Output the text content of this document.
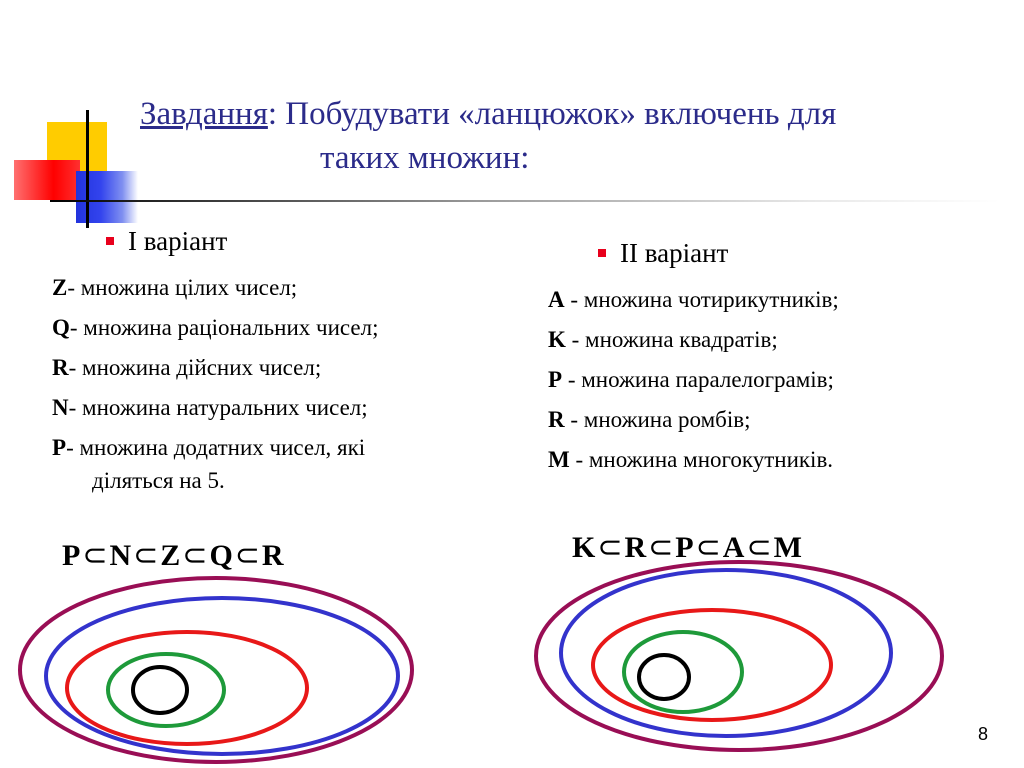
Завдання: Побудувати «ланцюжок» включень для
таких множин:

І варіант

Z- множина цілих чисел;
Q- множина раціональних чисел;
R- множина дійсних чисел;
N- множина натуральних чисел;
P- множина додатних чисел, які
діляться на 5.

ІІ варіант

A - множина чотирикутників;
K - множина квадратів;
P - множина паралелограмів;
R - множина ромбів;
M - множина многокутників.

P⊂N⊂Z⊂Q⊂R	K⊂R⊂P⊂A⊂M

P N Z	Q R	K R	P	A M
8
